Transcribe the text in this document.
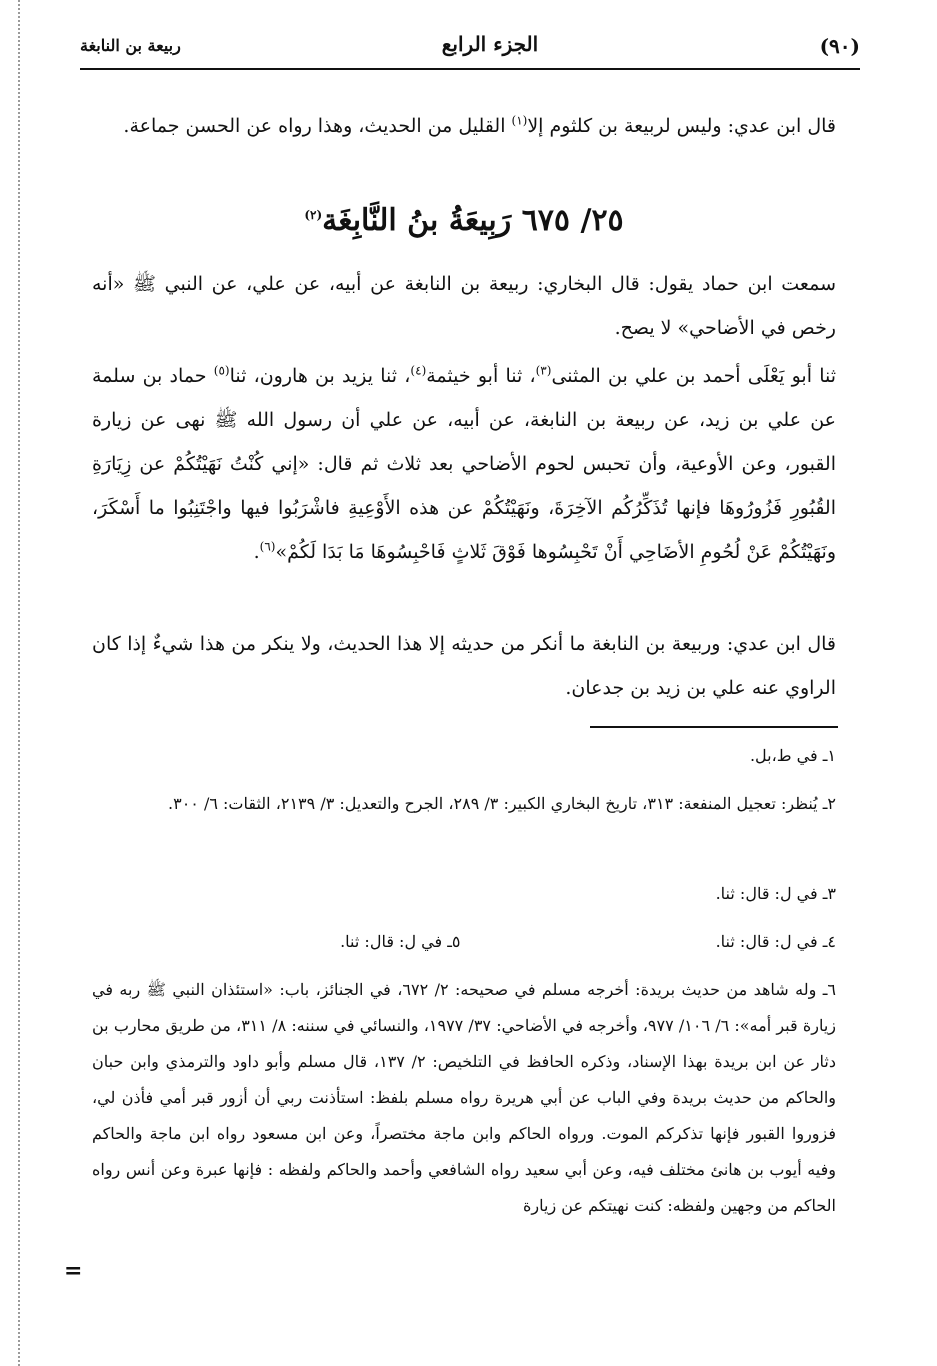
(٩٠)
الجزء الرابع
ربيعة بن النابغة
قال ابن عدي: وليس لربيعة بن كلثوم إلا$^{(١)}$ القليل من الحديث، وهذا رواه عن الحسن جماعة.
٢٥/ ٦٧٥ رَبِيعَةُ بنُ النَّابِغَة$^{(٢)}$
سمعت ابن حماد يقول: قال البخاري: ربيعة بن النابغة عن أبيه، عن علي، عن النبي ﷺ «أنه رخص في الأضاحي» لا يصح.
ثنا أبو يَعْلَى أحمد بن علي بن المثنى$^{(٣)}$، ثنا أبو خيثمة$^{(٤)}$، ثنا يزيد بن هارون، ثنا$^{(٥)}$ حماد بن سلمة عن علي بن زيد، عن ربيعة بن النابغة، عن أبيه، عن علي أن رسول الله ﷺ نهى عن زيارة القبور، وعن الأوعية، وأن تحبس لحوم الأضاحي بعد ثلاث ثم قال: «إني كُنْتُ نَهَيْتُكُمْ عن زِيَارَةِ القُبُورِ فَزُورُوهَا فإنها تُذَكِّرُكُم الآخِرَةَ، ونَهَيْتُكُمْ عن هذه الأَوْعِيةِ فاشْرَبُوا فيها واجْتَنِبُوا ما أَسْكَرَ، ونَهَيْتُكُمْ عَنْ لُحُومِ الأضَاحِي أَنْ تَحْبِسُوها فَوْقَ ثَلاثٍ فَاحْبِسُوهَا مَا بَدَا لَكُمْ»$^{(٦)}$.
قال ابن عدي: وربيعة بن النابغة ما أنكر من حديثه إلا هذا الحديث، ولا ينكر من هذا شيءٌ إذا كان الراوي عنه علي بن زيد بن جدعان.
١ـ في ط،بل.
٢ـ يُنظر: تعجيل المنفعة: ٣١٣، تاريخ البخاري الكبير: ٣/ ٢٨٩، الجرح والتعديل: ٣/ ٢١٣٩، الثقات: ٦/ ٣٠٠.
٣ـ في ل: قال: ثنا.
٤ـ في ل: قال: ثنا. ٥ـ في ل: قال: ثنا.
٦ـ وله شاهد من حديث بريدة: أخرجه مسلم في صحيحه: ٢/ ٦٧٢، في الجنائز، باب: «استئذان النبي ﷺ ربه في زيارة قبر أمه»: ٦/ ١٠٦/ ٩٧٧، وأخرجه في الأضاحي: ٣٧/ ١٩٧٧، والنسائي في سننه: ٨/ ٣١١، من طريق محارب بن دثار عن ابن بريدة بهذا الإسناد، وذكره الحافظ في التلخيص: ٢/ ١٣٧، قال مسلم وأبو داود والترمذي وابن حبان والحاكم من حديث بريدة وفي الباب عن أبي هريرة رواه مسلم بلفظ: استأذنت ربي أن أزور قبر أمي فأذن لي، فزوروا القبور فإنها تذكركم الموت. ورواه الحاكم وابن ماجة مختصراً، وعن ابن مسعود رواه ابن ماجة والحاكم وفيه أيوب بن هانئ مختلف فيه، وعن أبي سعيد رواه الشافعي وأحمد والحاكم ولفظه : فإنها عبرة وعن أنس رواه الحاكم من وجهين ولفظه: كنت نهيتكم عن زيارة
=
